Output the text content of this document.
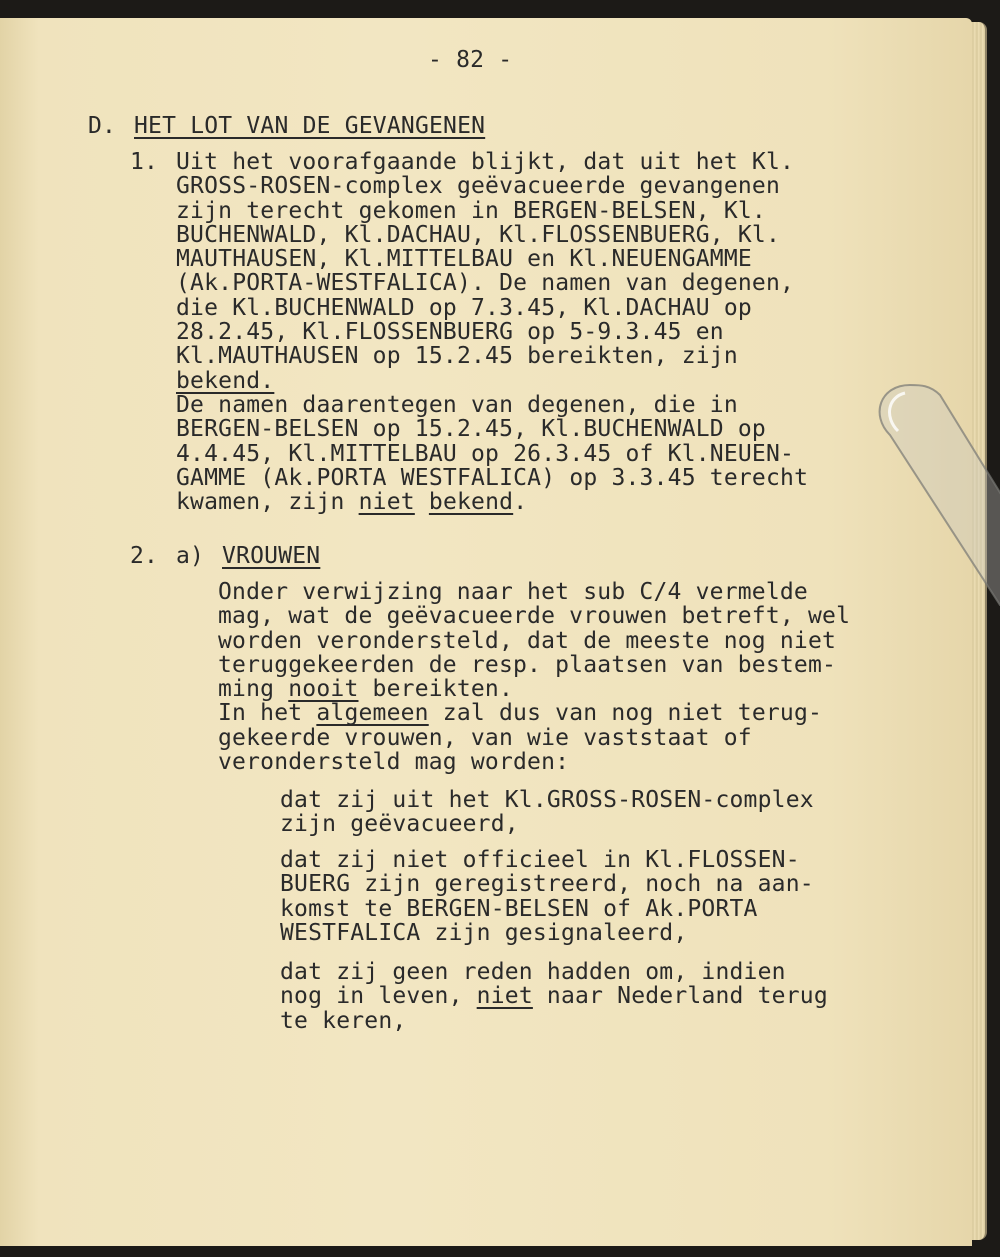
- 82 -
D. HET LOT VAN DE GEVANGENEN
1. Uit het voorafgaande blijkt, dat uit het Kl.
GROSS-ROSEN-complex geëvacueerde gevangenen
zijn terecht gekomen in BERGEN-BELSEN, Kl.
BUCHENWALD, Kl.DACHAU, Kl.FLOSSENBUERG, Kl.
MAUTHAUSEN, Kl.MITTELBAU en Kl.NEUENGAMME
(Ak.PORTA-WESTFALICA). De namen van degenen,
die Kl.BUCHENWALD op 7.3.45, Kl.DACHAU op
28.2.45, Kl.FLOSSENBUERG op 5-9.3.45 en
Kl.MAUTHAUSEN op 15.2.45 bereikten, zijn
bekend.
De namen daarentegen van degenen, die in
BERGEN-BELSEN op 15.2.45, Kl.BUCHENWALD op
4.4.45, Kl.MITTELBAU op 26.3.45 of Kl.NEUEN-
GAMME (Ak.PORTA WESTFALICA) op 3.3.45 terecht
kwamen, zijn niet bekend.
2. a) VROUWEN
Onder verwijzing naar het sub C/4 vermelde
mag, wat de geëvacueerde vrouwen betreft, wel
worden verondersteld, dat de meeste nog niet
teruggekeerden de resp. plaatsen van bestem-
ming nooit bereikten.
In het algemeen zal dus van nog niet terug-
gekeerde vrouwen, van wie vaststaat of
verondersteld mag worden:
dat zij uit het Kl.GROSS-ROSEN-complex
zijn geëvacueerd,
dat zij niet officieel in Kl.FLOSSEN-
BUERG zijn geregistreerd, noch na aan-
komst te BERGEN-BELSEN of Ak.PORTA
WESTFALICA zijn gesignaleerd,
dat zij geen reden hadden om, indien
nog in leven, niet naar Nederland terug
te keren,
